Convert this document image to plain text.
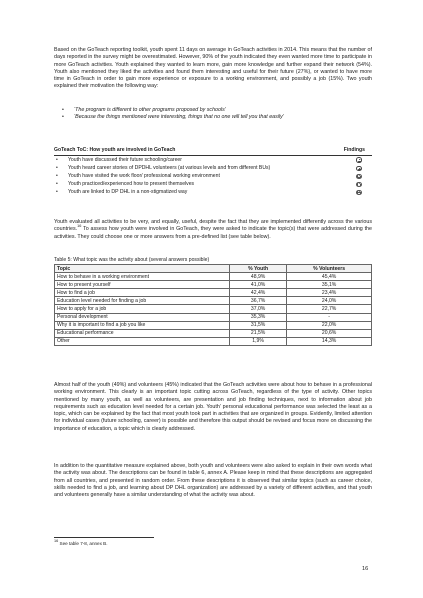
Based on the GoTeach reporting toolkit, youth spent 11 days on average in GoTeach activities in 2014. This means that the number of days reported in the survey might be overestimated. However, 90% of the youth indicated they even wanted more time to participate in more GoTeach activities. Youth explained they wanted to learn more, gain more knowledge and further expand their network (54%). Youth also mentioned they liked the activities and found them interesting and useful for their future (27%), or wanted to have more time in GoTeach in order to gain more experience or exposure to a working environment, and possibly a job (15%). Two youth explained their motivation the following way:

• ‘The program is different to other programs proposed by schools’
• ‘Because the things mentioned were interesting, things that no one will tell you that easily’
GoTeach ToC: How youth are involved in GoTeach	Findings
•	Youth have discussed their future schooling/career
•	Youth heard career stories of DPDHL volunteers (at various levels and from different BUs)
•	Youth have visited the work floor/ professional working environment
•	Youth practiced/experienced how to present themselves
•	Youth are linked to DP DHL in a non-stigmatized way

Youth evaluated all activities to be very, and equally, useful, despite the fact that they are implemented differently across the various countries.$^{16}$ To assess how youth were involved in GoTeach, they were asked to indicate the topic(s) that were addressed during the activities. They could choose one or more answers from a pre-defined list (see table below).

Table 5: What topic was the activity about (several answers possible)
Topic	% Youth	% Volunteers
How to behave in a working environment	48,9%	45,4%
How to present yourself	41,0%	35,1%
How to find a job	42,4%	23,4%
Education level needed for finding a job	36,7%	24,0%
How to apply for a job	37,0%	22,7%
Personal development	35,3%	-
Why it is important to find a job you like	31,5%	22,0%
Educational performance	21,5%	20,6%
Other	1,9%	14,3%

Almost half of the youth (49%) and volunteers (45%) indicated that the GoTeach activities were about how to behave in a professional working environment. This clearly is an important topic cutting across GoTeach, regardless of the type of activity. Other topics mentioned by many youth, as well as volunteers, are presentation and job finding techniques, next to information about job requirements such as education level needed for a certain job. Youth’ personal educational performance was selected the least as a topic, which can be explained by the fact that most youth took part in activities that are organized in groups. Evidently, limited attention for individual cases (future schooling, career) is possible and therefore this output should be revised and focus more on discussing the importance of education, a topic which is clearly addressed.

In addition to the quantitative measure explained above, both youth and volunteers were also asked to explain in their own words what the activity was about. The descriptions can be found in table 6, annex A. Please keep in mind that these descriptions are aggregated from all countries, and presented in random order. From these descriptions it is observed that similar topics (such as career choice, skills needed to find a job, and learning about DP DHL organization) are addressed by a variety of different activities, and that youth and volunteers generally have a similar understanding of what the activity was about.

$^{16}$ See table 7-8, annex B.
16
